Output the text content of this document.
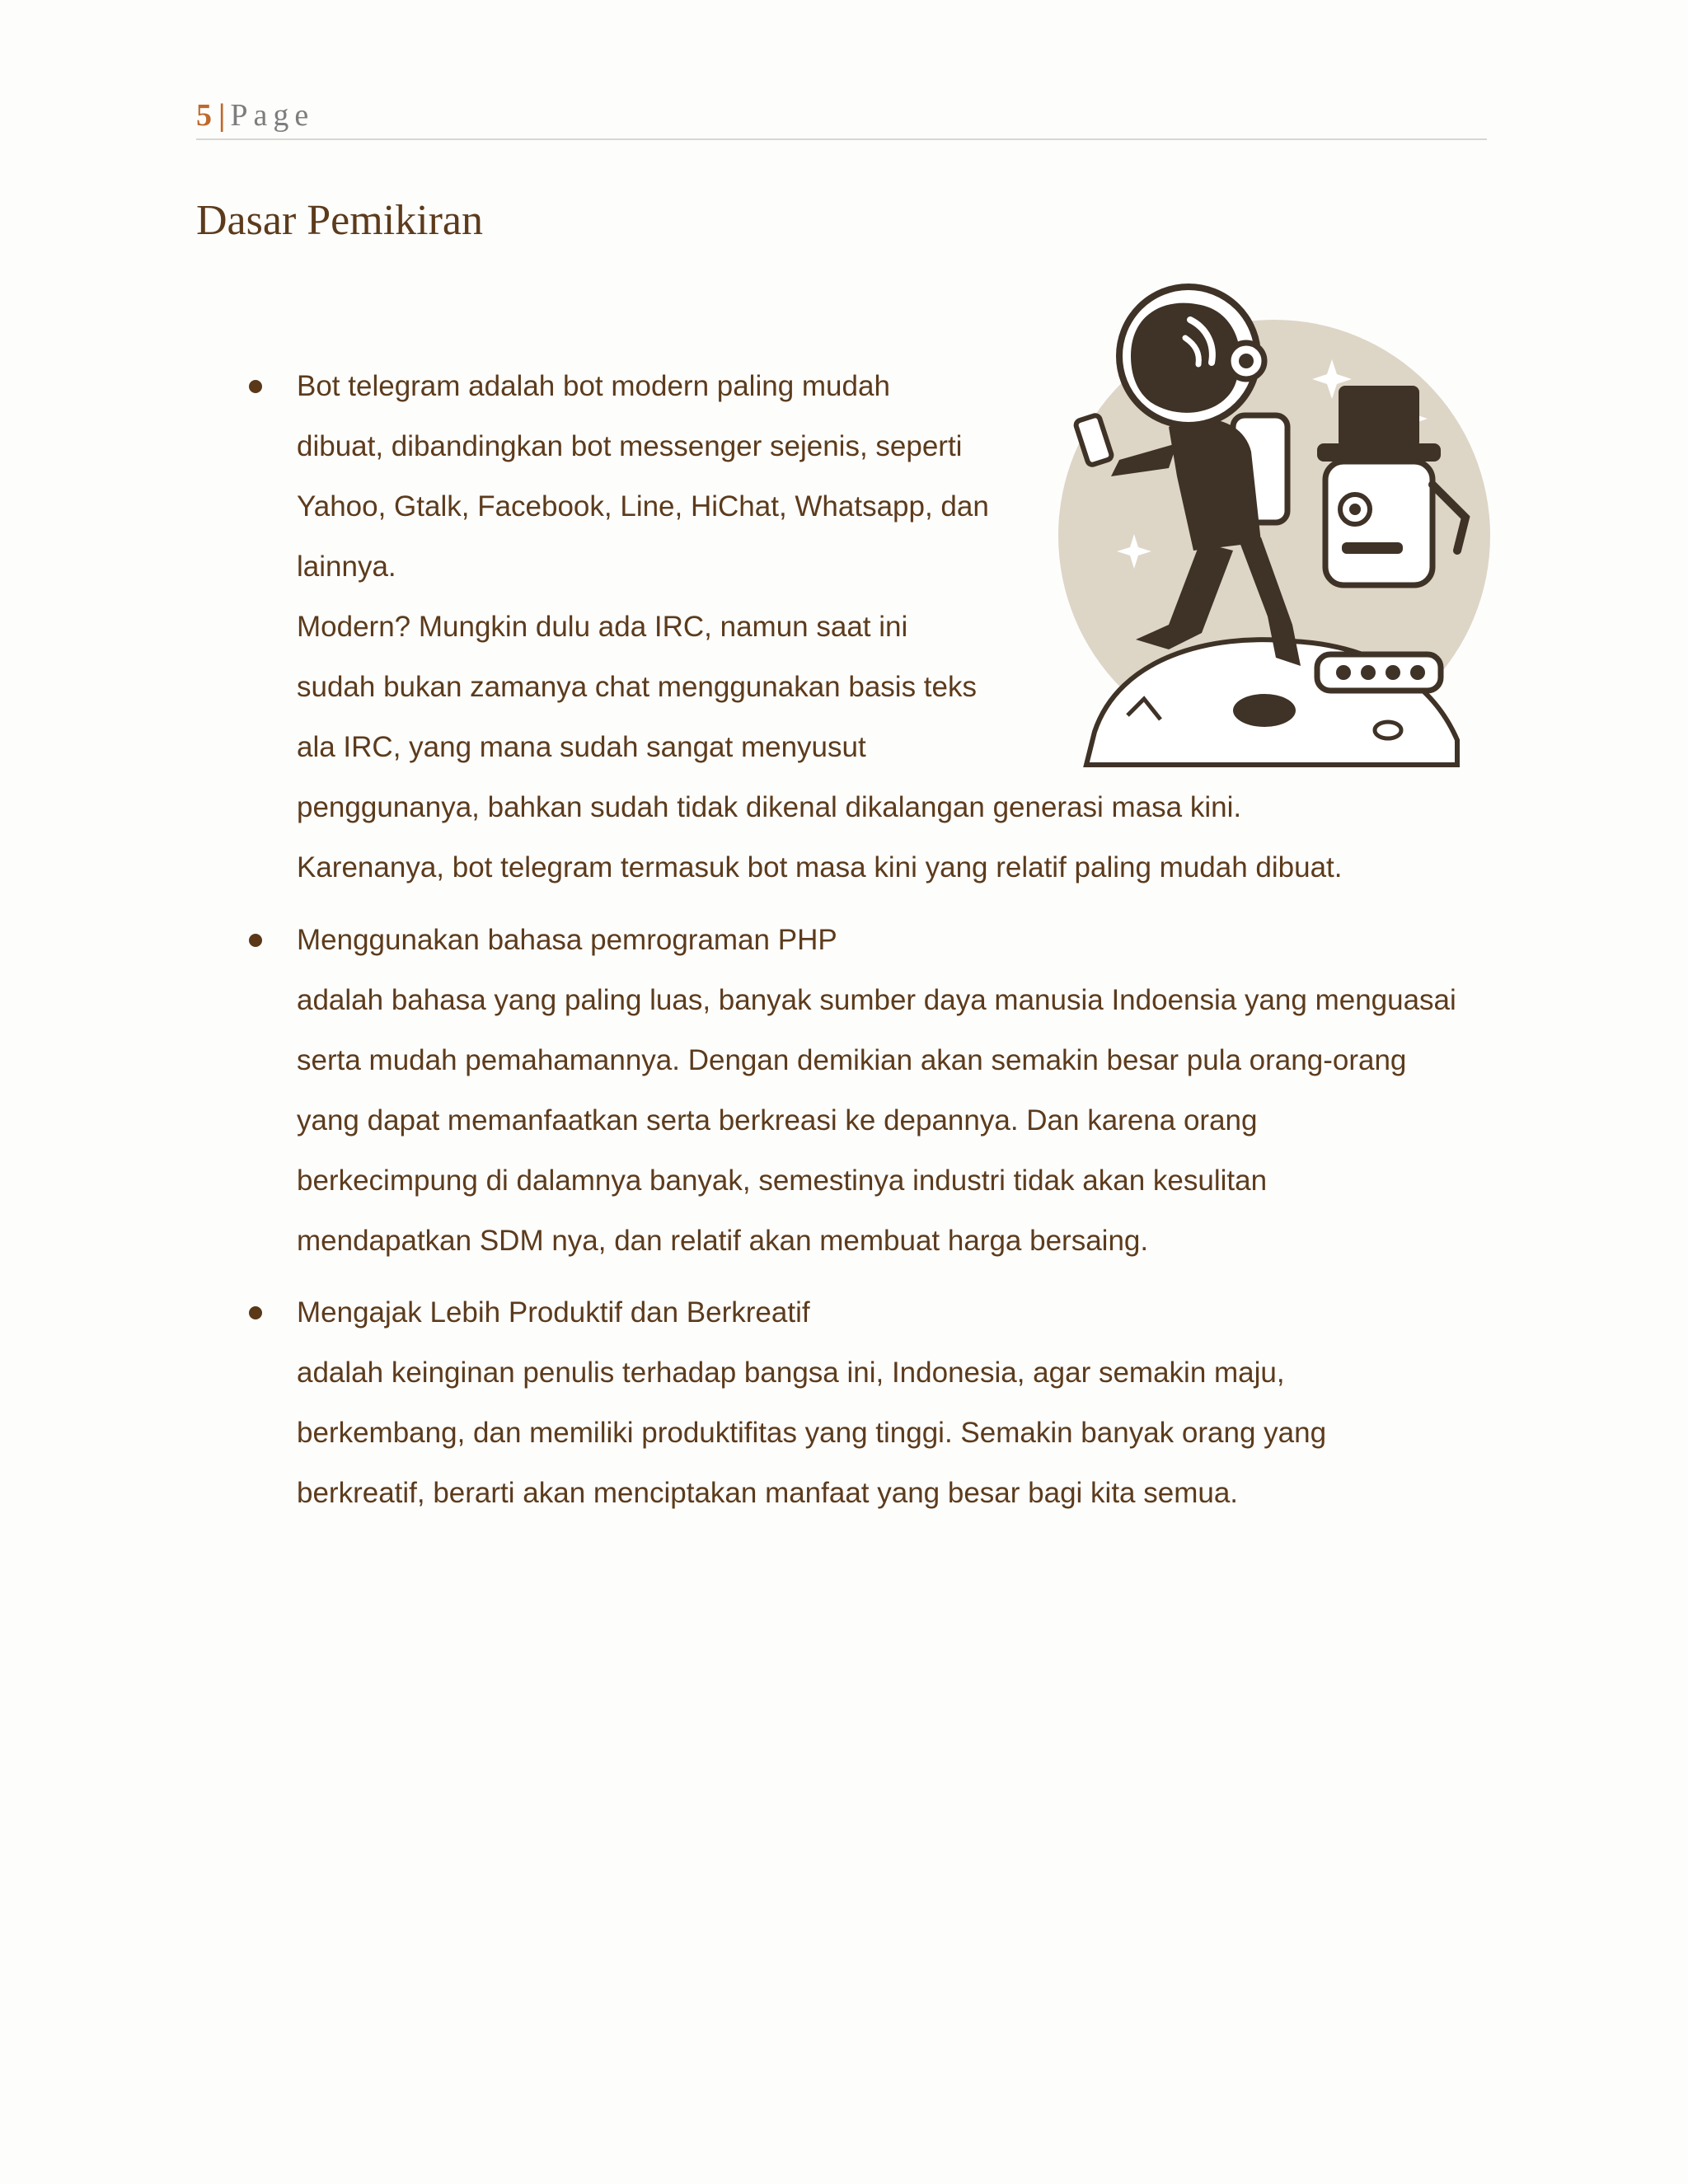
5 | Page
Dasar Pemikiran
Bot telegram adalah bot modern paling mudah
dibuat, dibandingkan bot messenger sejenis, seperti
Yahoo, Gtalk, Facebook, Line, HiChat, Whatsapp, dan
lainnya.
Modern? Mungkin dulu ada IRC, namun saat ini
sudah bukan zamanya chat menggunakan basis teks
ala IRC, yang mana sudah sangat menyusut
penggunanya, bahkan sudah tidak dikenal dikalangan generasi masa kini.
Karenanya, bot telegram termasuk bot masa kini yang relatif paling mudah dibuat.
Menggunakan bahasa pemrograman PHP
adalah bahasa yang paling luas, banyak sumber daya manusia Indoensia yang menguasai
serta mudah pemahamannya. Dengan demikian akan semakin besar pula orang-orang
yang dapat memanfaatkan serta berkreasi ke depannya. Dan karena orang
berkecimpung di dalamnya banyak, semestinya industri tidak akan kesulitan
mendapatkan SDM nya, dan relatif akan membuat harga bersaing.
Mengajak Lebih Produktif dan Berkreatif
adalah keinginan penulis terhadap bangsa ini, Indonesia, agar semakin maju,
berkembang, dan memiliki produktifitas yang tinggi. Semakin banyak orang yang
berkreatif, berarti akan menciptakan manfaat yang besar bagi kita semua.
